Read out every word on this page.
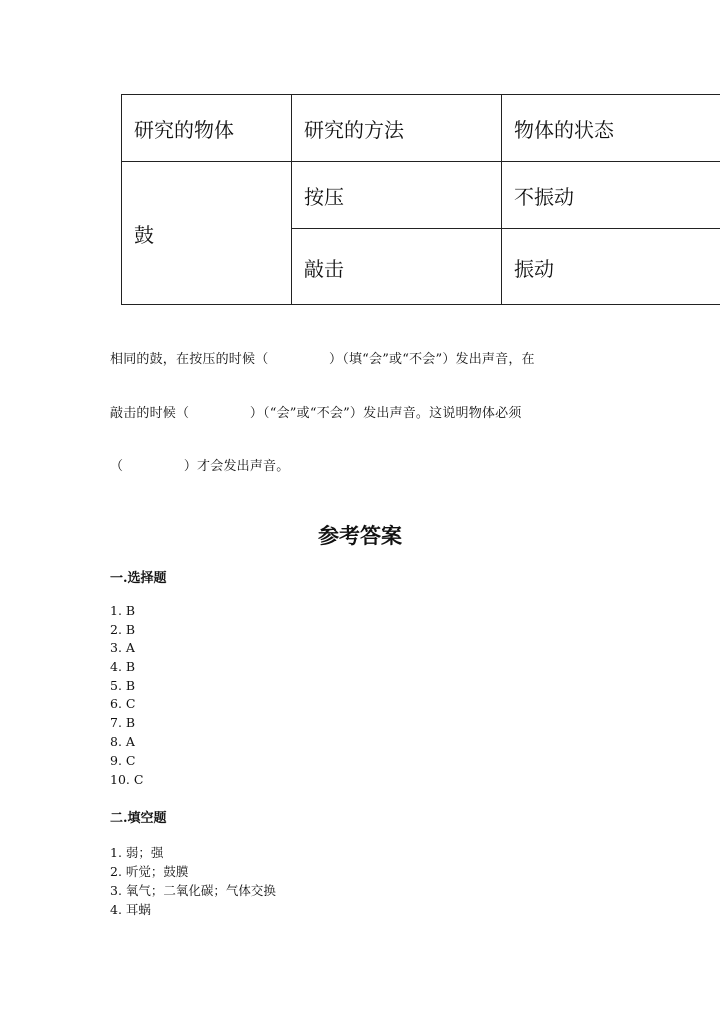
研究的物体	研究的方法	物体的状态
鼓
按压	不振动
敲击	振动
相同的鼓，在按压的时候（              ）（填“会”或“不会”）发出声音，在
敲击的时候（              ）（“会”或“不会”）发出声音。这说明物体必须
（              ）才会发出声音。
参考答案
一.选择题
1. B
2. B
3. A
4. B
5. B
6. C
7. B
8. A
9. C
10. C
二.填空题
1. 弱；强
2. 听觉；鼓膜
3. 氧气；二氧化碳；气体交换
4. 耳蜗
